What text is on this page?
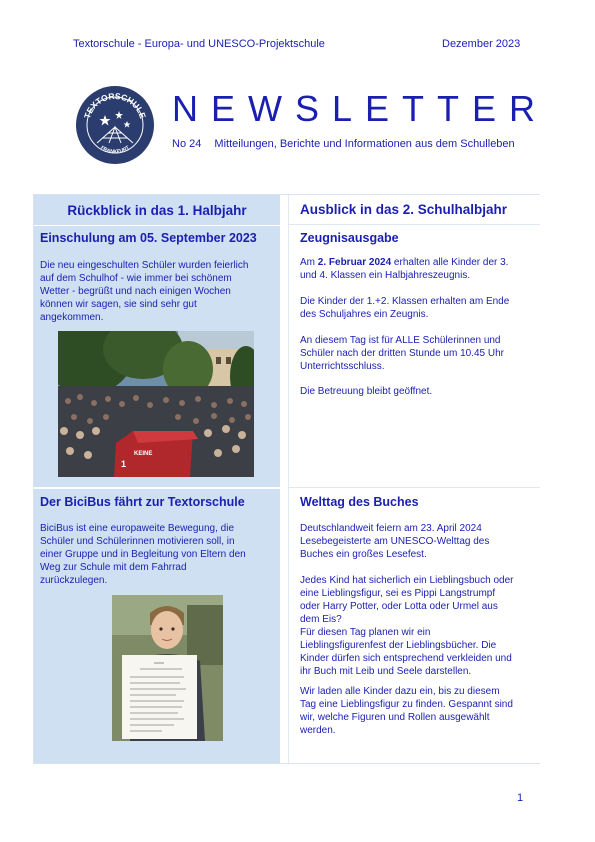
Textorschule - Europa- und UNESCO-Projektschule	Dezember 2023
TEXTORSCHULE
FRANKFURT
NEWSLETTER
No 24 Mitteilungen, Berichte und Informationen aus dem Schulleben
Rückblick in das 1. Halbjahr
Einschulung am 05. September 2023

Die neu eingeschulten Schüler wurden feierlich
auf dem Schulhof - wie immer bei schönem
Wetter - begrüßt und nach einigen Wochen
können wir sagen, sie sind sehr gut
angekommen.

1
KEINE
Der BiciBus fährt zur Textorschule

BiciBus ist eine europaweite Bewegung, die
Schüler und Schülerinnen motivieren soll, in
einer Gruppe und in Begleitung von Eltern den
Weg zur Schule mit dem Fahrrad
zurückzulegen.

Ausblick in das 2. Schulhalbjahr
Zeugnisausgabe

Am 2. Februar 2024 erhalten alle Kinder der 3.
und 4. Klassen ein Halbjahreszeugnis.

Die Kinder der 1.+2. Klassen erhalten am Ende
des Schuljahres ein Zeugnis.

An diesem Tag ist für ALLE Schülerinnen und
Schüler nach der dritten Stunde um 10.45 Uhr
Unterrichtsschluss.

Die Betreuung bleibt geöffnet.

Welttag des Buches

Deutschlandweit feiern am 23. April 2024
Lesebegeisterte am UNESCO-Welttag des
Buches ein großes Lesefest.

Jedes Kind hat sicherlich ein Lieblingsbuch oder
eine Lieblingsfigur, sei es Pippi Langstrumpf
oder Harry Potter, oder Lotta oder Urmel aus
dem Eis?
Für diesen Tag planen wir ein
Lieblingsfigurenfest der Lieblingsbücher. Die
Kinder dürfen sich entsprechend verkleiden und
ihr Buch mit Leib und Seele darstellen.

Wir laden alle Kinder dazu ein, bis zu diesem
Tag eine Lieblingsfigur zu finden. Gespannt sind
wir, welche Figuren und Rollen ausgewählt
werden.

1
